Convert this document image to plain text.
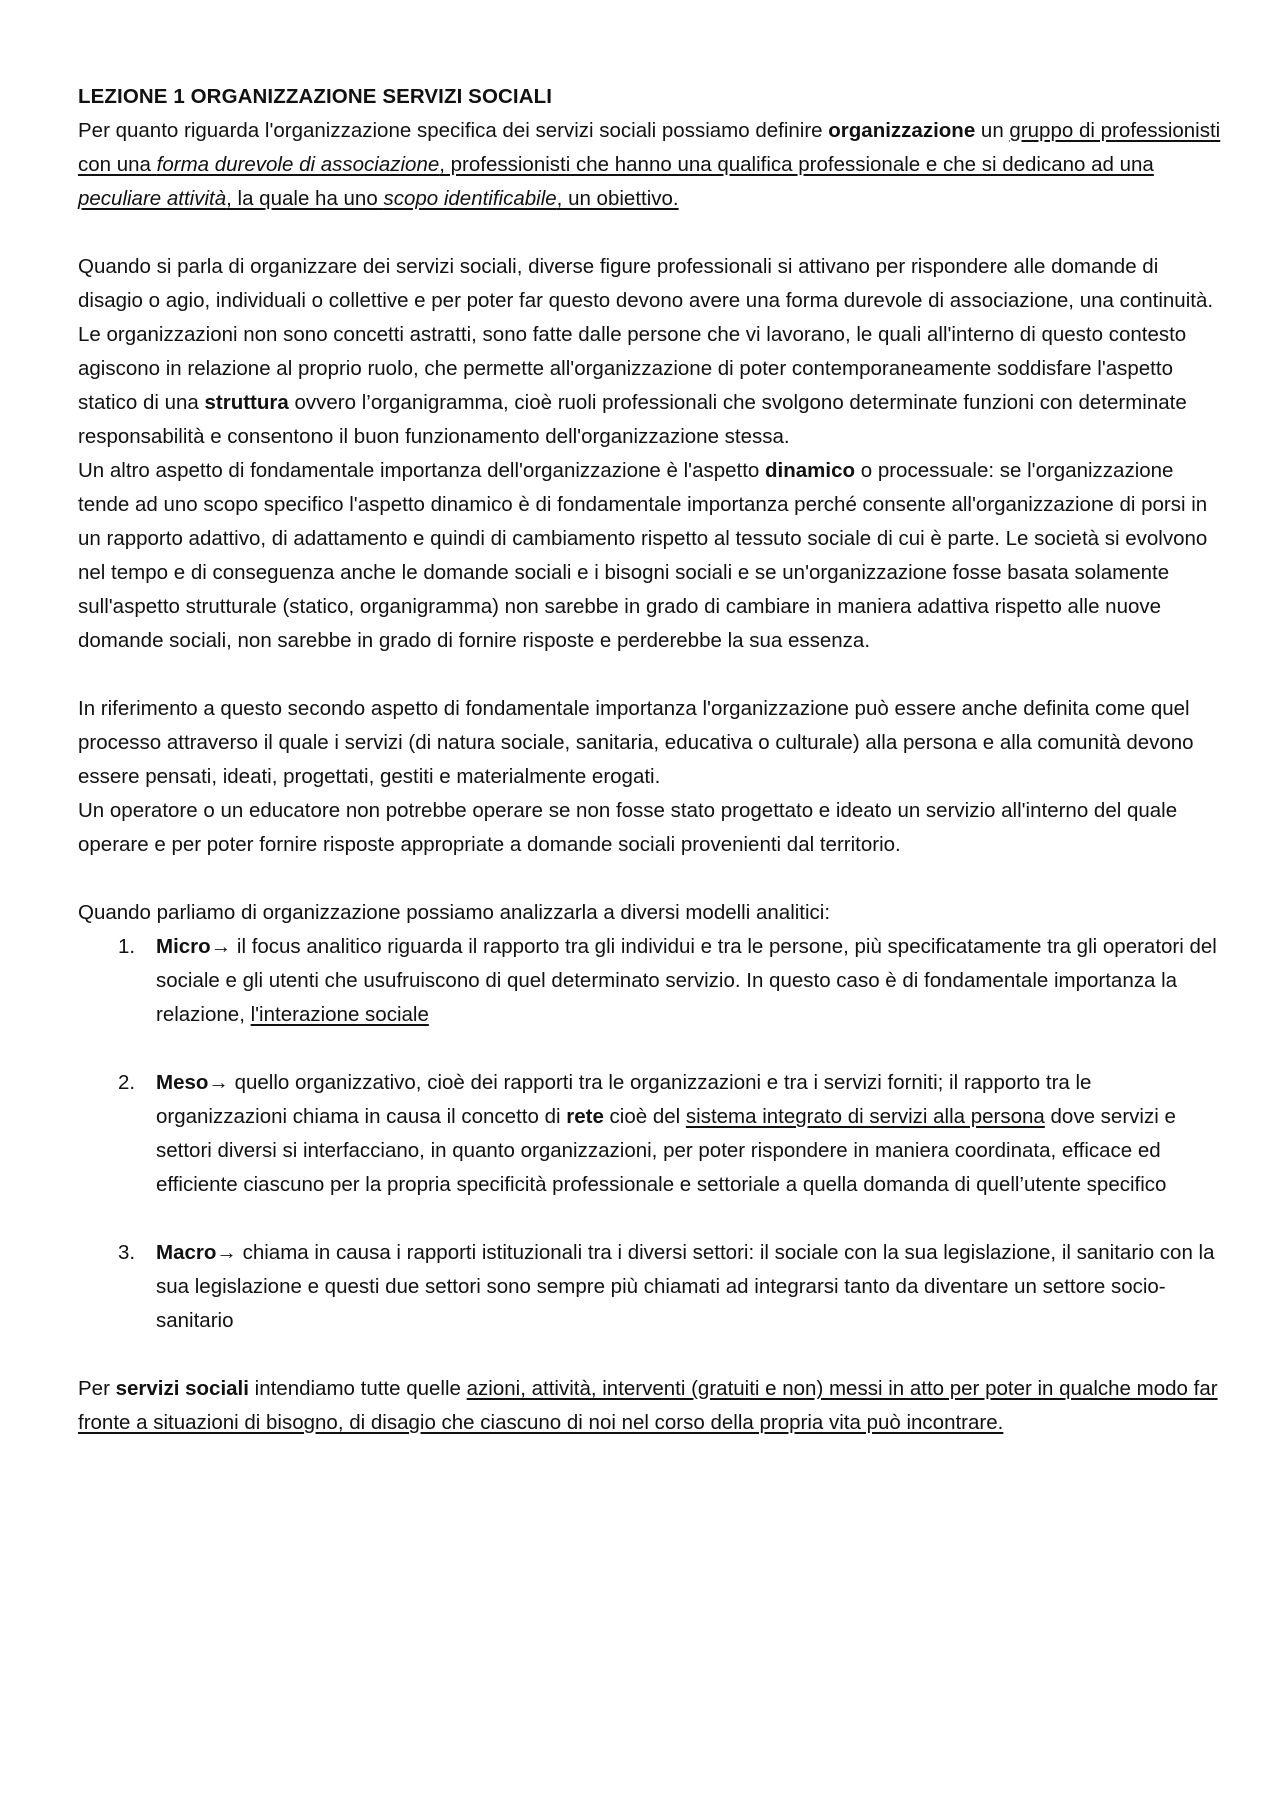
LEZIONE 1 ORGANIZZAZIONE SERVIZI SOCIALI

Per quanto riguarda l'organizzazione specifica dei servizi sociali possiamo definire organizzazione un gruppo di professionisti con una forma durevole di associazione, professionisti che hanno una qualifica professionale e che si dedicano ad una peculiare attività, la quale ha uno scopo identificabile, un obiettivo.

Quando si parla di organizzare dei servizi sociali, diverse figure professionali si attivano per rispondere alle domande di disagio o agio, individuali o collettive e per poter far questo devono avere una forma durevole di associazione, una continuità.

Le organizzazioni non sono concetti astratti, sono fatte dalle persone che vi lavorano, le quali all'interno di questo contesto agiscono in relazione al proprio ruolo, che permette all'organizzazione di poter contemporaneamente soddisfare l'aspetto statico di una struttura ovvero l’organigramma, cioè ruoli professionali che svolgono determinate funzioni con determinate responsabilità e consentono il buon funzionamento dell'organizzazione stessa.

Un altro aspetto di fondamentale importanza dell'organizzazione è l'aspetto dinamico o processuale: se l'organizzazione tende ad uno scopo specifico l'aspetto dinamico è di fondamentale importanza perché consente all'organizzazione di porsi in un rapporto adattivo, di adattamento e quindi di cambiamento rispetto al tessuto sociale di cui è parte. Le società si evolvono nel tempo e di conseguenza anche le domande sociali e i bisogni sociali e se un'organizzazione fosse basata solamente sull'aspetto strutturale (statico, organigramma) non sarebbe in grado di cambiare in maniera adattiva rispetto alle nuove domande sociali, non sarebbe in grado di fornire risposte e perderebbe la sua essenza.

In riferimento a questo secondo aspetto di fondamentale importanza l'organizzazione può essere anche definita come quel processo attraverso il quale i servizi (di natura sociale, sanitaria, educativa o culturale) alla persona e alla comunità devono essere pensati, ideati, progettati, gestiti e materialmente erogati.

Un operatore o un educatore non potrebbe operare se non fosse stato progettato e ideato un servizio all'interno del quale operare e per poter fornire risposte appropriate a domande sociali provenienti dal territorio.

Quando parliamo di organizzazione possiamo analizzarla a diversi modelli analitici:

1. Micro→ il focus analitico riguarda il rapporto tra gli individui e tra le persone, più specificatamente tra gli operatori del sociale e gli utenti che usufruiscono di quel determinato servizio. In questo caso è di fondamentale importanza la relazione, l'interazione sociale
2. Meso→ quello organizzativo, cioè dei rapporti tra le organizzazioni e tra i servizi forniti; il rapporto tra le organizzazioni chiama in causa il concetto di rete cioè del sistema integrato di servizi alla persona dove servizi e settori diversi si interfacciano, in quanto organizzazioni, per poter rispondere in maniera coordinata, efficace ed efficiente ciascuno per la propria specificità professionale e settoriale a quella domanda di quell’utente specifico
3. Macro→ chiama in causa i rapporti istituzionali tra i diversi settori: il sociale con la sua legislazione, il sanitario con la sua legislazione e questi due settori sono sempre più chiamati ad integrarsi tanto da diventare un settore socio-sanitario

Per servizi sociali intendiamo tutte quelle azioni, attività, interventi (gratuiti e non) messi in atto per poter in qualche modo far fronte a situazioni di bisogno, di disagio che ciascuno di noi nel corso della propria vita può incontrare.
